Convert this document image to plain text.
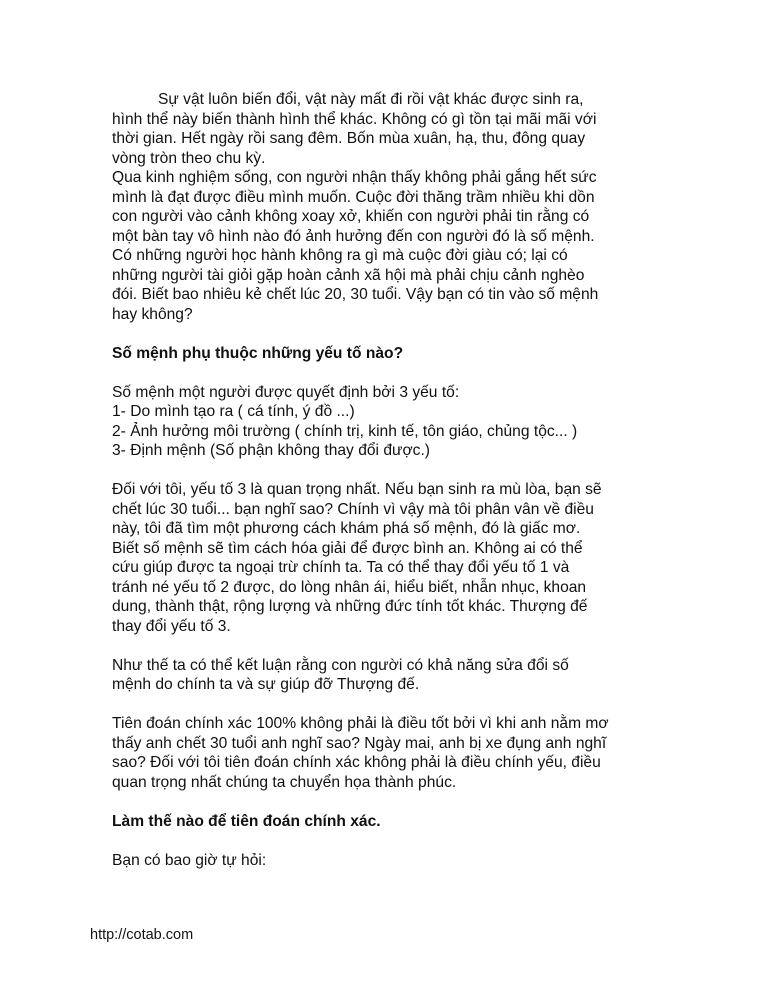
Sự vật luôn biến đổi, vật này mất đi rồi vật khác được sinh ra,
hình thể này biến thành hình thể khác. Không có gì tồn tại mãi mãi với
thời gian. Hết ngày rồi sang đêm. Bốn mùa xuân, hạ, thu, đông quay
vòng tròn theo chu kỳ.
Qua kinh nghiệm sống, con người nhận thấy không phải gắng hết sức
mình là đạt được điều mình muốn. Cuộc đời thăng trầm nhiều khi dồn
con người vào cảnh không xoay xở, khiến con người phải tin rằng có
một bàn tay vô hình nào đó ảnh hưởng đến con người đó là số mệnh.
Có những người học hành không ra gì mà cuộc đời giàu có; lại có
những người tài giỏi gặp hoàn cảnh xã hội mà phải chịu cảnh nghèo
đói. Biết bao nhiêu kẻ chết lúc 20, 30 tuổi. Vậy bạn có tin vào số mệnh
hay không?
Số mệnh phụ thuộc những yếu tố nào?
Số mệnh một người được quyết định bởi 3 yếu tố:
1- Do mình tạo ra ( cá tính, ý đồ ...)
2- Ảnh hưởng môi trường ( chính trị, kinh tế, tôn giáo, chủng tộc... )
3- Định mệnh (Số phận không thay đổi được.)
Đối với tôi, yếu tố 3 là quan trọng nhất. Nếu bạn sinh ra mù lòa, bạn sẽ
chết lúc 30 tuổi... bạn nghĩ sao? Chính vì vậy mà tôi phân vân về điều
này, tôi đã tìm một phương cách khám phá số mệnh, đó là giấc mơ.
Biết số mệnh sẽ tìm cách hóa giải để được bình an. Không ai có thể
cứu giúp được ta ngoại trừ chính ta. Ta có thể thay đổi yếu tố 1 và
tránh né yếu tố 2 được, do lòng nhân ái, hiểu biết, nhẫn nhục, khoan
dung, thành thật, rộng lượng và những đức tính tốt khác. Thượng đế
thay đổi yếu tố 3.
Như thế ta có thể kết luận rằng con người có khả năng sửa đổi số
mệnh do chính ta và sự giúp đỡ Thượng đế.
Tiên đoán chính xác 100% không phải là điều tốt bởi vì khi anh nằm mơ
thấy anh chết 30 tuổi anh nghĩ sao? Ngày mai, anh bị xe đụng anh nghĩ
sao? Đối với tôi tiên đoán chính xác không phải là điều chính yếu, điều
quan trọng nhất chúng ta chuyển họa thành phúc.
Làm thế nào để tiên đoán chính xác.
Bạn có bao giờ tự hỏi:
http://cotab.com
